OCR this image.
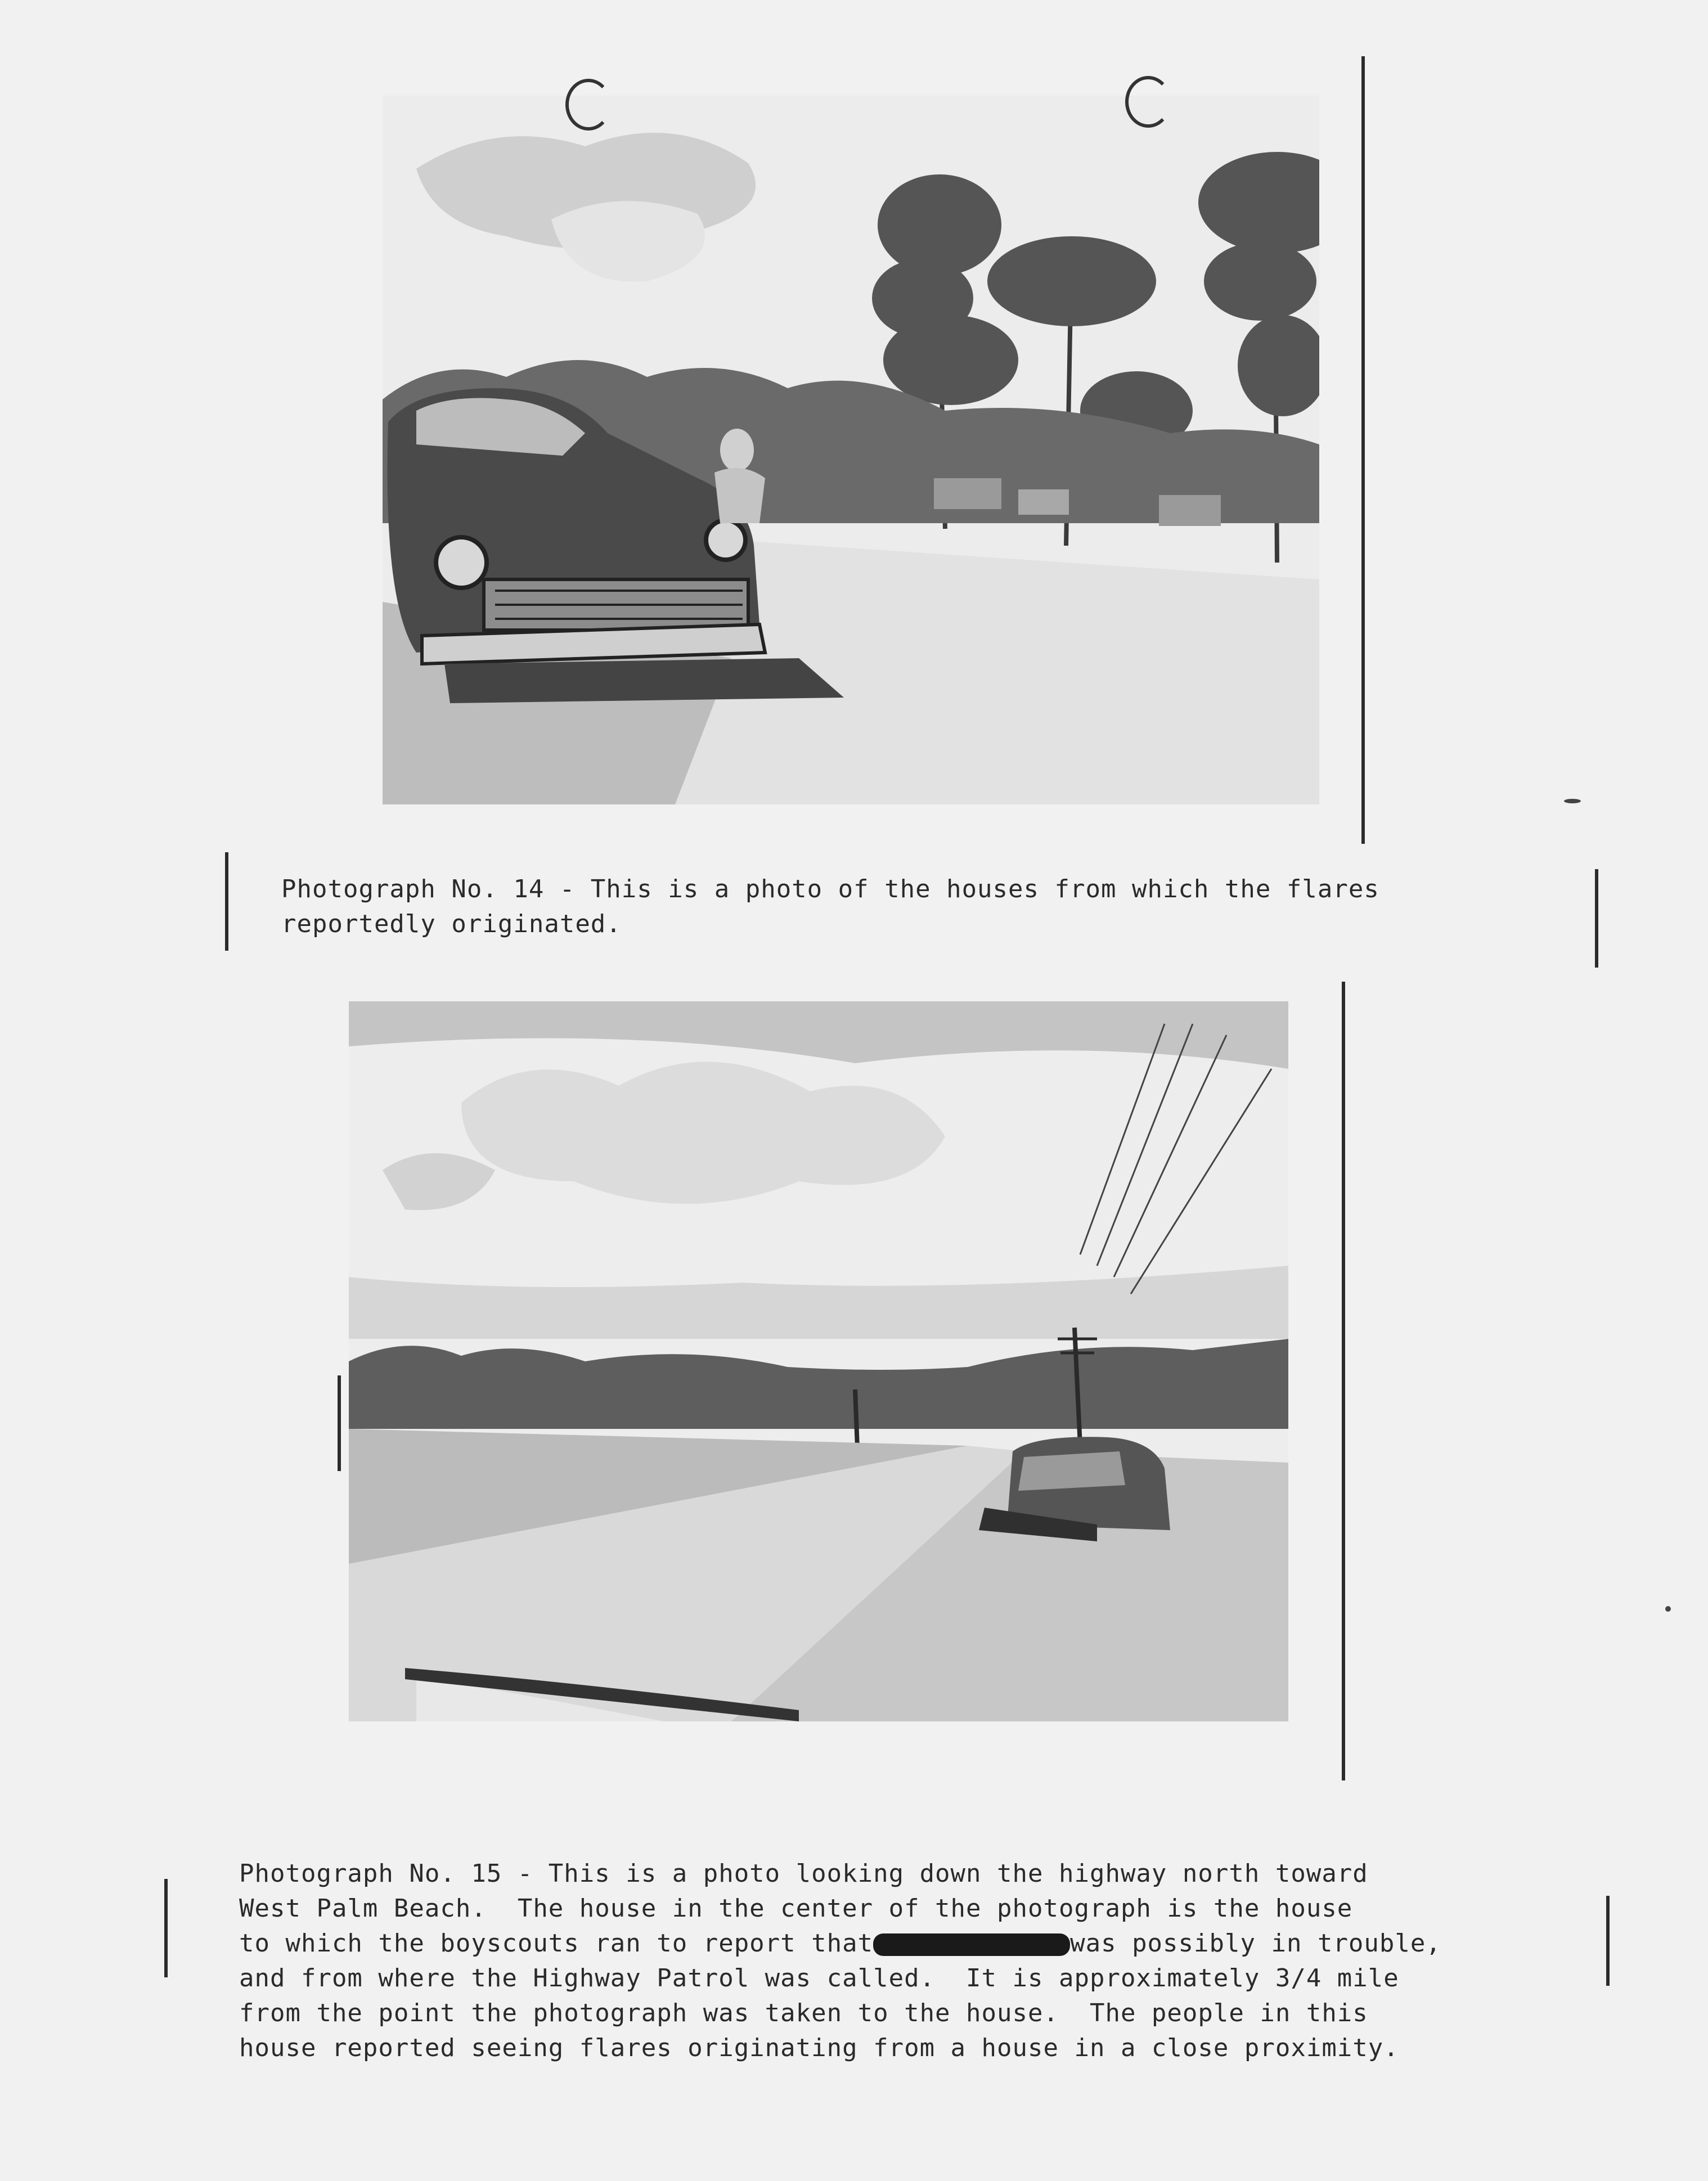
Photograph No. 14 - This is a photo of the houses from which the flares
reportedly originated.
Photograph No. 15 - This is a photo looking down the highway north toward
West Palm Beach.  The house in the center of the photograph is the house
to which the boyscouts ran to report that	was possibly in trouble,
and from where the Highway Patrol was called.  It is approximately 3/4 mile
from the point the photograph was taken to the house.  The people in this
house reported seeing flares originating from a house in a close proximity.
